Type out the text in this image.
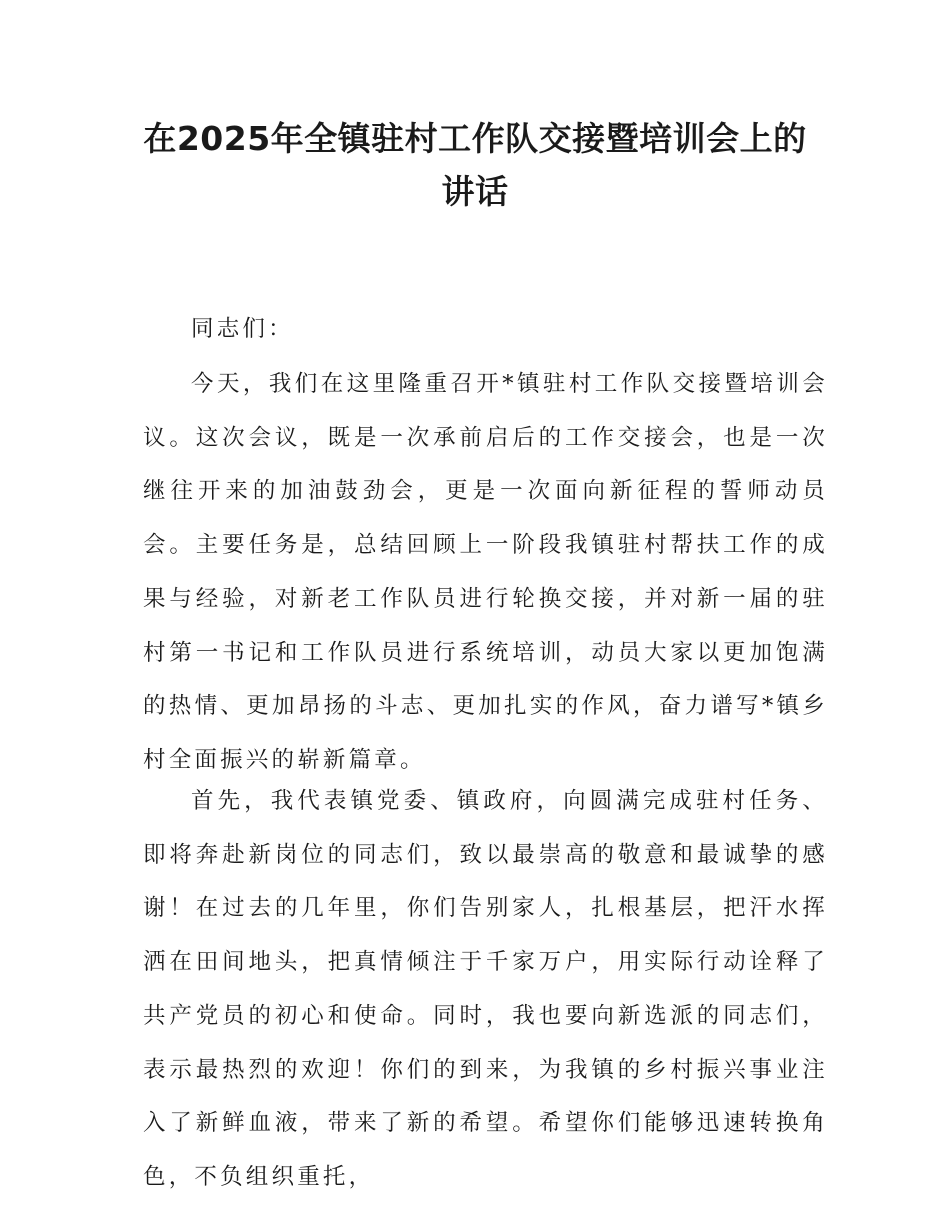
在2025年全镇驻村工作队交接暨培训会上的
讲话

同志们：

今天，我们在这里隆重召开*镇驻村工作队交接暨培训会议。这次会议，既是一次承前启后的工作交接会，也是一次继往开来的加油鼓劲会，更是一次面向新征程的誓师动员会。主要任务是，总结回顾上一阶段我镇驻村帮扶工作的成果与经验，对新老工作队员进行轮换交接，并对新一届的驻村第一书记和工作队员进行系统培训，动员大家以更加饱满的热情、更加昂扬的斗志、更加扎实的作风，奋力谱写*镇乡村全面振兴的崭新篇章。

首先，我代表镇党委、镇政府，向圆满完成驻村任务、即将奔赴新岗位的同志们，致以最崇高的敬意和最诚挚的感谢！在过去的几年里，你们告别家人，扎根基层，把汗水挥洒在田间地头，把真情倾注于千家万户，用实际行动诠释了共产党员的初心和使命。同时，我也要向新选派的同志们，表示最热烈的欢迎！你们的到来，为我镇的乡村振兴事业注入了新鲜血液，带来了新的希望。希望你们能够迅速转换角色，不负组织重托，
